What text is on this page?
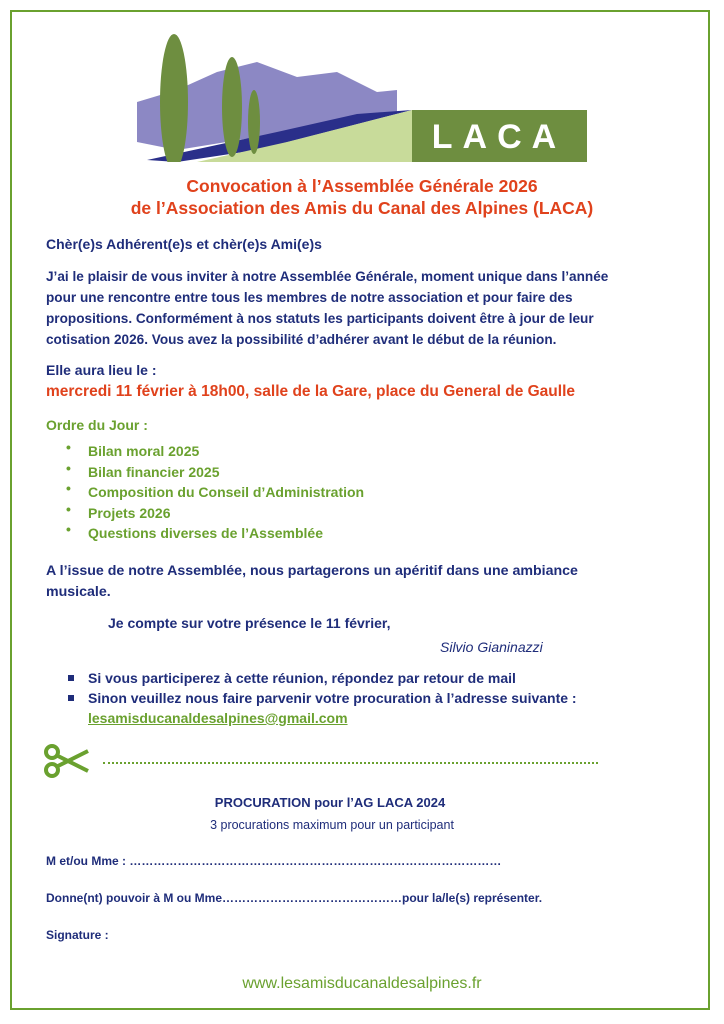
LACA
Convocation à l’Assemblée Générale 2026
de l’Association des Amis du Canal des Alpines (LACA)
Chèr(e)s Adhérent(e)s et chèr(e)s Ami(e)s
J’ai le plaisir de vous inviter à notre Assemblée Générale, moment unique dans l’année
pour une rencontre entre tous les membres de notre association et pour faire des
propositions. Conformément à nos statuts les participants doivent être à jour de leur
cotisation 2026. Vous avez la possibilité d’adhérer avant le début de la réunion.
Elle aura lieu le :
mercredi 11 février à 18h00, salle de la Gare, place du General de Gaulle
Ordre du Jour :
• Bilan moral 2025
• Bilan financier 2025
• Composition du Conseil d’Administration
• Projets 2026
• Questions diverses de l’Assemblée
A l’issue de notre Assemblée, nous partagerons un apéritif dans une ambiance
musicale.
Je compte sur votre présence le 11 février,
Silvio Gianinazzi
Si vous participerez à cette réunion, répondez par retour de mail
Sinon veuillez nous faire parvenir votre procuration à l’adresse suivante :
lesamisducanaldesalpines@gmail.com
PROCURATION pour l’AG LACA 2024
3 procurations maximum pour un participant
M et/ou Mme : …………………………………………………………………………………
Donne(nt) pouvoir à M ou Mme………………………………………pour la/le(s) représenter.
Signature :
www.lesamisducanaldesalpines.fr
